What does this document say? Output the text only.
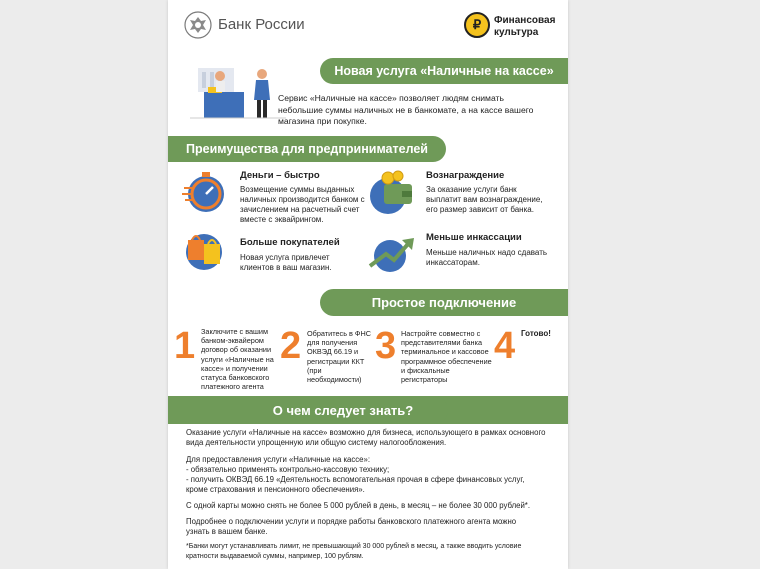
Банк России	₽	Финансовая
культура
Новая услуга «Наличные на кассе»
Сервис «Наличные на кассе» позволяет людям снимать небольшие суммы наличных не в банкомате, а на кассе вашего магазина при покупке.
Преимущества для предпринимателей
Деньги – быстро
Возмещение суммы выданных наличных производится банком с зачислением на расчетный счет вместе с эквайрингом.
Вознаграждение
За оказание услуги банк выплатит вам вознаграждение, его размер зависит от банка.
Больше покупателей
Новая услуга привлечет клиентов в ваш магазин.
Меньше инкассации
Меньше наличных надо сдавать инкассаторам.
Простое подключение
1 Заключите с вашим банком-эквайером договор об оказании услуги «Наличные на кассе» и получении статуса банковского платежного агента
2 Обратитесь в ФНС для получения ОКВЭД 66.19 и регистрации ККТ (при необходимости)
3 Настройте совместно с представителями банка терминальное и кассовое программное обеспечение и фискальные регистраторы
4 Готово!
О чем следует знать?
Оказание услуги «Наличные на кассе» возможно для бизнеса, использующего в рамках основного вида деятельности упрощенную или общую систему налогообложения.
Для предоставления услуги «Наличные на кассе»:
- обязательно применять контрольно-кассовую технику;
- получить ОКВЭД 66.19 «Деятельность вспомогательная прочая в сфере финансовых услуг, кроме страхования и пенсионного обеспечения».
С одной карты можно снять не более 5 000 рублей в день, в месяц – не более 30 000 рублей*.
Подробнее о подключении услуги и порядке работы банковского платежного агента можно узнать в вашем банке.
*Банки могут устанавливать лимит, не превышающий 30 000 рублей в месяц, а также вводить условие кратности выдаваемой суммы, например, 100 рублям.
